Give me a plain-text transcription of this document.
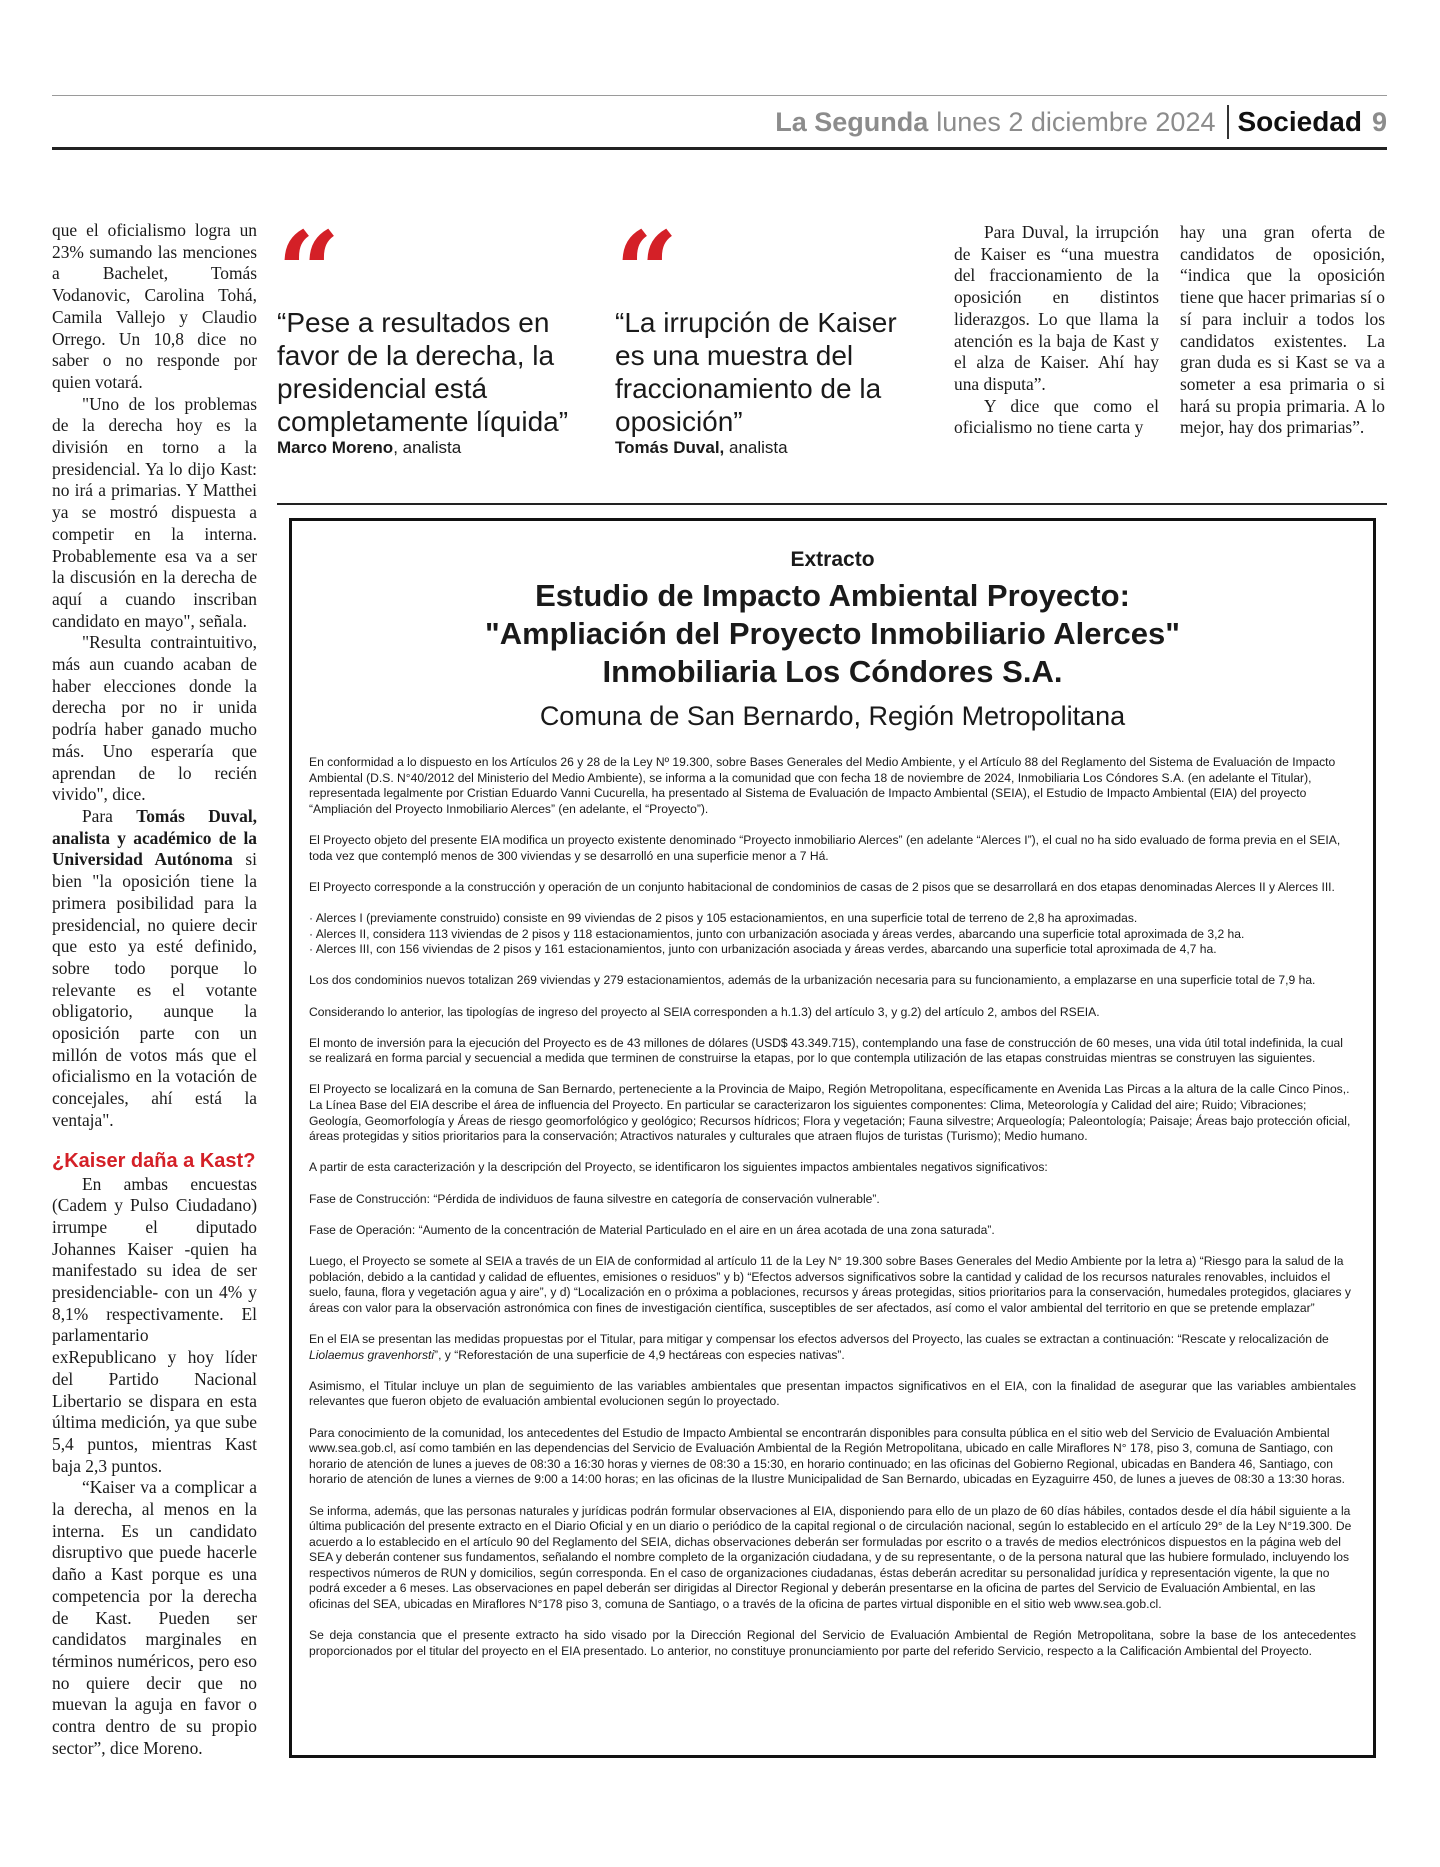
La Segunda lunes 2 diciembre 2024 Sociedad 9

que el oficialismo logra un 23% sumando las menciones a Bachelet, Tomás Vodanovic, Carolina Tohá, Camila Vallejo y Claudio Orrego. Un 10,8 dice no saber o no responde por quien votará.

"Uno de los problemas de la derecha hoy es la división en torno a la presidencial. Ya lo dijo Kast: no irá a primarias. Y Matthei ya se mostró dispuesta a competir en la interna. Probablemente esa va a ser la discusión en la derecha de aquí a cuando inscriban candidato en mayo", señala.

"Resulta contraintuitivo, más aun cuando acaban de haber elecciones donde la derecha por no ir unida podría haber ganado mucho más. Uno esperaría que aprendan de lo recién vivido", dice.

Para Tomás Duval, analista y académico de la Universidad Autónoma si bien "la oposición tiene la primera posibilidad para la presidencial, no quiere decir que esto ya esté definido, sobre todo porque lo relevante es el votante obligatorio, aunque la oposición parte con un millón de votos más que el oficialismo en la votación de concejales, ahí está la ventaja".

¿Kaiser daña a Kast?

En ambas encuestas (Cadem y Pulso Ciudadano) irrumpe el diputado Johannes Kaiser -quien ha manifestado su idea de ser presidenciable- con un 4% y 8,1% respectivamente. El parlamentario exRepublicano y hoy líder del Partido Nacional Libertario se dispara en esta última medición, ya que sube 5,4 puntos, mientras Kast baja 2,3 puntos.

“Kaiser va a complicar a la derecha, al menos en la interna. Es un candidato disruptivo que puede hacerle daño a Kast porque es una competencia por la derecha de Kast. Pueden ser candidatos marginales en términos numéricos, pero eso no quiere decir que no muevan la aguja en favor o contra dentro de su propio sector”, dice Moreno.

“
“Pese a resultados en favor de la derecha, la presidencial está completamente líquida”
Marco Moreno, analista
“
“La irrupción de Kaiser es una muestra del fraccionamiento de la oposición”
Tomás Duval, analista

Para Duval, la irrupción de Kaiser es “una muestra del fraccionamiento de la oposición en distintos liderazgos. Lo que llama la atención es la baja de Kast y el alza de Kaiser. Ahí hay una disputa”.

Y dice que como el oficialismo no tiene carta y

hay una gran oferta de candidatos de oposición, “indica que la oposición tiene que hacer primarias sí o sí para incluir a todos los candidatos existentes. La gran duda es si Kast se va a someter a esa primaria o si hará su propia primaria. A lo mejor, hay dos primarias”.

Extracto
Estudio de Impacto Ambiental Proyecto:
"Ampliación del Proyecto Inmobiliario Alerces"
Inmobiliaria Los Cóndores S.A.
Comuna de San Bernardo, Región Metropolitana

En conformidad a lo dispuesto en los Artículos 26 y 28 de la Ley Nº 19.300, sobre Bases Generales del Medio Ambiente, y el Artículo 88 del Reglamento del Sistema de Evaluación de Impacto Ambiental (D.S. N°40/2012 del Ministerio del Medio Ambiente), se informa a la comunidad que con fecha 18 de noviembre de 2024, Inmobiliaria Los Cóndores S.A. (en adelante el Titular), representada legalmente por Cristian Eduardo Vanni Cucurella, ha presentado al Sistema de Evaluación de Impacto Ambiental (SEIA), el Estudio de Impacto Ambiental (EIA) del proyecto “Ampliación del Proyecto Inmobiliario Alerces” (en adelante, el “Proyecto”).

El Proyecto objeto del presente EIA modifica un proyecto existente denominado “Proyecto inmobiliario Alerces” (en adelante “Alerces I”), el cual no ha sido evaluado de forma previa en el SEIA, toda vez que contempló menos de 300 viviendas y se desarrolló en una superficie menor a 7 Há.

El Proyecto corresponde a la construcción y operación de un conjunto habitacional de condominios de casas de 2 pisos que se desarrollará en dos etapas denominadas Alerces II y Alerces III.

· Alerces I (previamente construido) consiste en 99 viviendas de 2 pisos y 105 estacionamientos, en una superficie total de terreno de 2,8 ha aproximadas.

· Alerces II, considera 113 viviendas de 2 pisos y 118 estacionamientos, junto con urbanización asociada y áreas verdes, abarcando una superficie total aproximada de 3,2 ha.

· Alerces III, con 156 viviendas de 2 pisos y 161 estacionamientos, junto con urbanización asociada y áreas verdes, abarcando una superficie total aproximada de 4,7 ha.

Los dos condominios nuevos totalizan 269 viviendas y 279 estacionamientos, además de la urbanización necesaria para su funcionamiento, a emplazarse en una superficie total de 7,9 ha.

Considerando lo anterior, las tipologías de ingreso del proyecto al SEIA corresponden a h.1.3) del artículo 3, y g.2) del artículo 2, ambos del RSEIA.

El monto de inversión para la ejecución del Proyecto es de 43 millones de dólares (USD$ 43.349.715), contemplando una fase de construcción de 60 meses, una vida útil total indefinida, la cual se realizará en forma parcial y secuencial a medida que terminen de construirse la etapas, por lo que contempla utilización de las etapas construidas mientras se construyen las siguientes.

El Proyecto se localizará en la comuna de San Bernardo, perteneciente a la Provincia de Maipo, Región Metropolitana, específicamente en Avenida Las Pircas a la altura de la calle Cinco Pinos,. La Línea Base del EIA describe el área de influencia del Proyecto. En particular se caracterizaron los siguientes componentes: Clima, Meteorología y Calidad del aire; Ruido; Vibraciones; Geología, Geomorfología y Áreas de riesgo geomorfológico y geológico; Recursos hídricos; Flora y vegetación; Fauna silvestre; Arqueología; Paleontología; Paisaje; Áreas bajo protección oficial, áreas protegidas y sitios prioritarios para la conservación; Atractivos naturales y culturales que atraen flujos de turistas (Turismo); Medio humano.

A partir de esta caracterización y la descripción del Proyecto, se identificaron los siguientes impactos ambientales negativos significativos:

Fase de Construcción: “Pérdida de individuos de fauna silvestre en categoría de conservación vulnerable”.

Fase de Operación: “Aumento de la concentración de Material Particulado en el aire en un área acotada de una zona saturada”.

Luego, el Proyecto se somete al SEIA a través de un EIA de conformidad al artículo 11 de la Ley N° 19.300 sobre Bases Generales del Medio Ambiente por la letra a) “Riesgo para la salud de la población, debido a la cantidad y calidad de efluentes, emisiones o residuos” y b) “Efectos adversos significativos sobre la cantidad y calidad de los recursos naturales renovables, incluidos el suelo, fauna, flora y vegetación agua y aire”, y d) “Localización en o próxima a poblaciones, recursos y áreas protegidas, sitios prioritarios para la conservación, humedales protegidos, glaciares y áreas con valor para la observación astronómica con fines de investigación científica, susceptibles de ser afectados, así como el valor ambiental del territorio en que se pretende emplazar”

En el EIA se presentan las medidas propuestas por el Titular, para mitigar y compensar los efectos adversos del Proyecto, las cuales se extractan a continuación: “Rescate y relocalización de Liolaemus gravenhorsti”, y “Reforestación de una superficie de 4,9 hectáreas con especies nativas”.

Asimismo, el Titular incluye un plan de seguimiento de las variables ambientales que presentan impactos significativos en el EIA, con la finalidad de asegurar que las variables ambientales relevantes que fueron objeto de evaluación ambiental evolucionen según lo proyectado.

Para conocimiento de la comunidad, los antecedentes del Estudio de Impacto Ambiental se encontrarán disponibles para consulta pública en el sitio web del Servicio de Evaluación Ambiental www.sea.gob.cl, así como también en las dependencias del Servicio de Evaluación Ambiental de la Región Metropolitana, ubicado en calle Miraflores N° 178, piso 3, comuna de Santiago, con horario de atención de lunes a jueves de 08:30 a 16:30 horas y viernes de 08:30 a 15:30, en horario continuado; en las oficinas del Gobierno Regional, ubicadas en Bandera 46, Santiago, con horario de atención de lunes a viernes de 9:00 a 14:00 horas; en las oficinas de la Ilustre Municipalidad de San Bernardo, ubicadas en Eyzaguirre 450, de lunes a jueves de 08:30 a 13:30 horas.

Se informa, además, que las personas naturales y jurídicas podrán formular observaciones al EIA, disponiendo para ello de un plazo de 60 días hábiles, contados desde el día hábil siguiente a la última publicación del presente extracto en el Diario Oficial y en un diario o periódico de la capital regional o de circulación nacional, según lo establecido en el artículo 29° de la Ley N°19.300. De acuerdo a lo establecido en el artículo 90 del Reglamento del SEIA, dichas observaciones deberán ser formuladas por escrito o a través de medios electrónicos dispuestos en la página web del SEA y deberán contener sus fundamentos, señalando el nombre completo de la organización ciudadana, y de su representante, o de la persona natural que las hubiere formulado, incluyendo los respectivos números de RUN y domicilios, según corresponda. En el caso de organizaciones ciudadanas, éstas deberán acreditar su personalidad jurídica y representación vigente, la que no podrá exceder a 6 meses. Las observaciones en papel deberán ser dirigidas al Director Regional y deberán presentarse en la oficina de partes del Servicio de Evaluación Ambiental, en las oficinas del SEA, ubicadas en Miraflores N°178 piso 3, comuna de Santiago, o a través de la oficina de partes virtual disponible en el sitio web www.sea.gob.cl.

Se deja constancia que el presente extracto ha sido visado por la Dirección Regional del Servicio de Evaluación Ambiental de Región Metropolitana, sobre la base de los antecedentes proporcionados por el titular del proyecto en el EIA presentado. Lo anterior, no constituye pronunciamiento por parte del referido Servicio, respecto a la Calificación Ambiental del Proyecto.
